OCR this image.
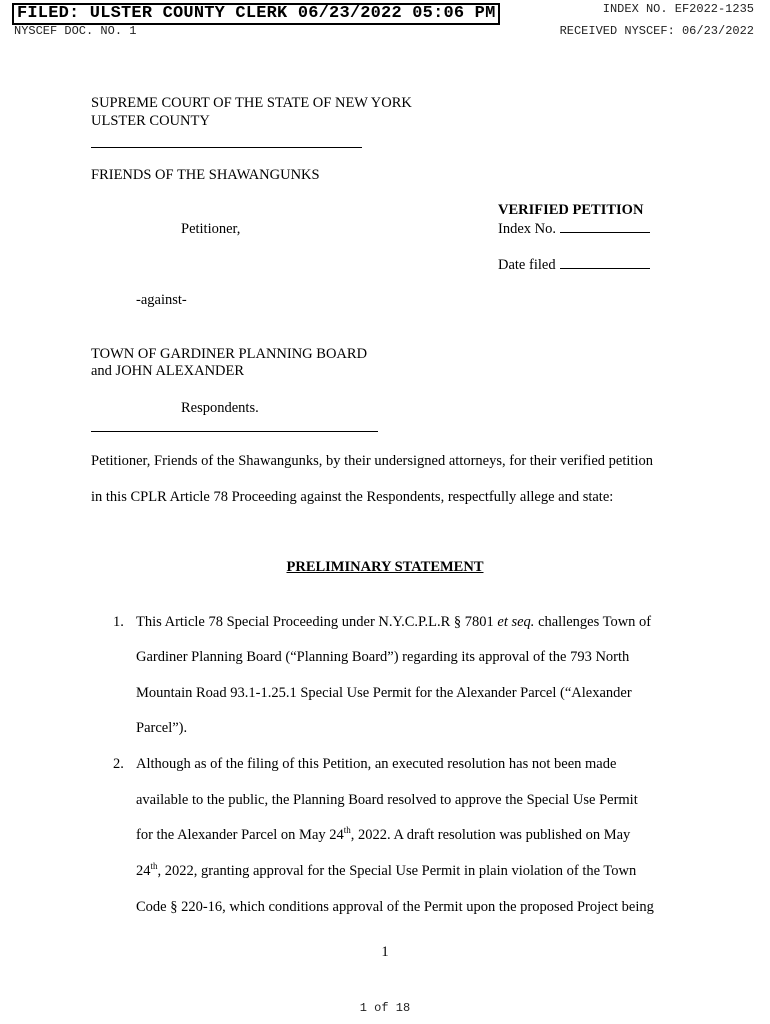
FILED: ULSTER COUNTY CLERK 06/23/2022 05:06 PM
NYSCEF DOC. NO. 1
INDEX NO. EF2022-1235
RECEIVED NYSCEF: 06/23/2022
SUPREME COURT OF THE STATE OF NEW YORK
ULSTER COUNTY
FRIENDS OF THE SHAWANGUNKS
VERIFIED PETITION
Petitioner,	Index No.
Date filed
-against-
TOWN OF GARDINER PLANNING BOARD
and JOHN ALEXANDER
Respondents.
Petitioner, Friends of the Shawangunks, by their undersigned attorneys, for their verified petition
in this CPLR Article 78 Proceeding against the Respondents, respectfully allege and state:
PRELIMINARY STATEMENT
1. This Article 78 Special Proceeding under N.Y.C.P.L.R § 7801 et seq. challenges Town of
Gardiner Planning Board (“Planning Board”) regarding its approval of the 793 North
Mountain Road 93.1-1.25.1 Special Use Permit for the Alexander Parcel (“Alexander
Parcel”).
2. Although as of the filing of this Petition, an executed resolution has not been made
available to the public, the Planning Board resolved to approve the Special Use Permit
for the Alexander Parcel on May 24th, 2022. A draft resolution was published on May
24th, 2022, granting approval for the Special Use Permit in plain violation of the Town
Code § 220-16, which conditions approval of the Permit upon the proposed Project being
1
1 of 18
